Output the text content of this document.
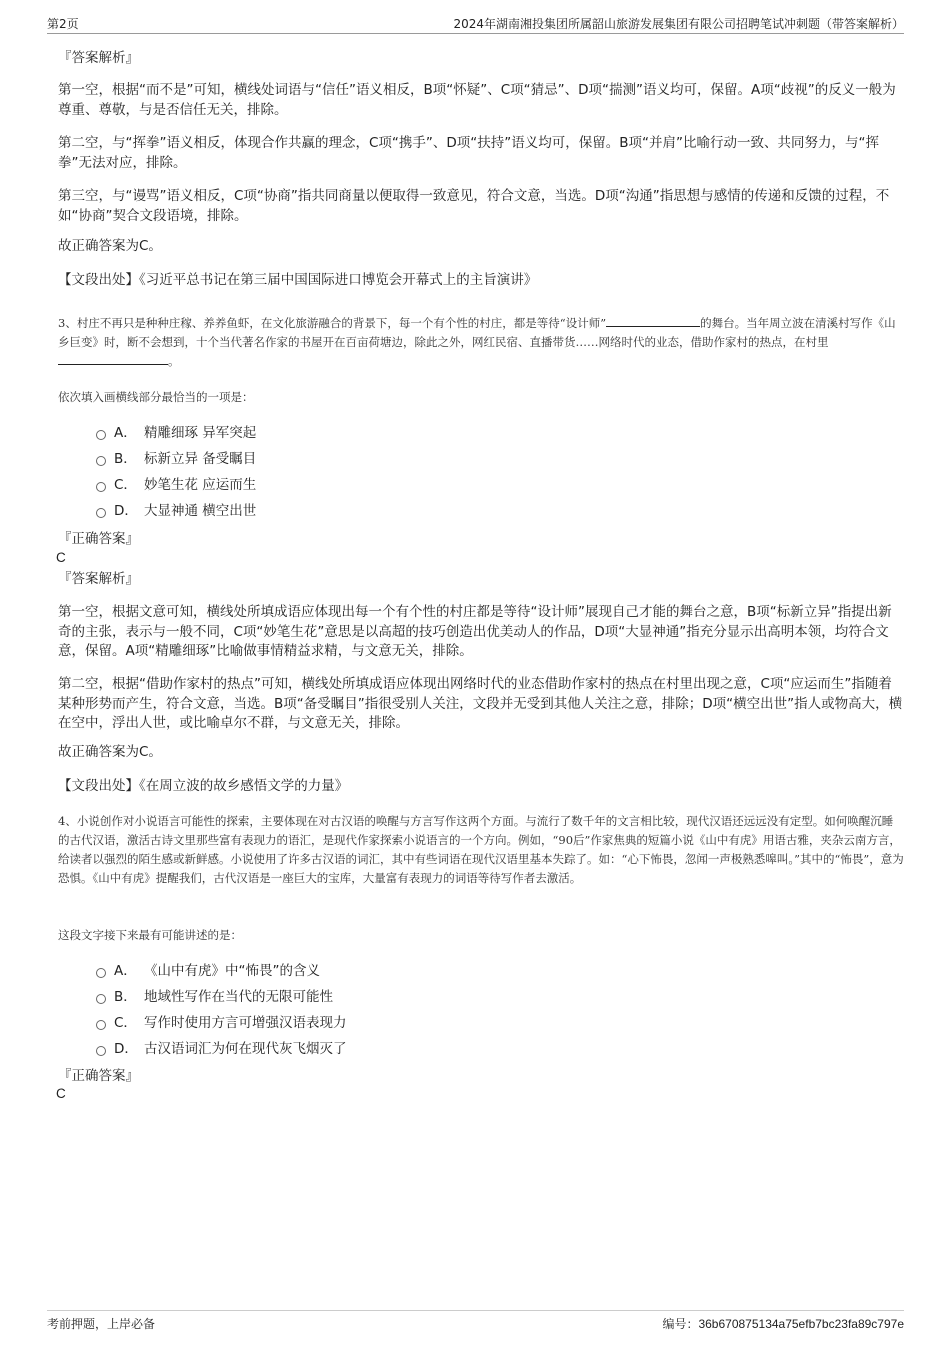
第2页	2024年湖南湘投集团所属韶山旅游发展集团有限公司招聘笔试冲刺题（带答案解析）
『答案解析』

第一空，根据“而不是”可知，横线处词语与“信任”语义相反，B项“怀疑”、C项“猜忌”、D项“揣测”语义均可，保留。A项“歧视”的反义一般为尊重、尊敬，与是否信任无关，排除。

第二空，与“挥拳”语义相反，体现合作共赢的理念，C项“携手”、D项“扶持”语义均可，保留。B项“并肩”比喻行动一致、共同努力，与“挥拳”无法对应，排除。

第三空，与“谩骂”语义相反，C项“协商”指共同商量以便取得一致意见，符合文意，当选。D项“沟通”指思想与感情的传递和反馈的过程，不如“协商”契合文段语境，排除。

故正确答案为C。
【文段出处】《习近平总书记在第三届中国国际进口博览会开幕式上的主旨演讲》
3、村庄不再只是种种庄稼、养养鱼虾，在文化旅游融合的背景下，每一个有个性的村庄，都是等待“设计师”	的舞台。当年周立波在清溪村写作《山乡巨变》时，断不会想到，十个当代著名作家的书屋开在百亩荷塘边，除此之外，网红民宿、直播带货……网络时代的业态，借助作家村的热点，在村里。
依次填入画横线部分最恰当的一项是：
A． 精雕细琢 异军突起
B． 标新立异 备受瞩目
C． 妙笔生花 应运而生
D． 大显神通 横空出世
『正确答案』
C
『答案解析』
第一空，根据文意可知，横线处所填成语应体现出每一个有个性的村庄都是等待“设计师”展现自己才能的舞台之意，B项“标新立异”指提出新奇的主张，表示与一般不同，C项“妙笔生花”意思是以高超的技巧创造出优美动人的作品，D项“大显神通”指充分显示出高明本领，均符合文意，保留。A项“精雕细琢”比喻做事情精益求精，与文意无关，排除。
第二空，根据“借助作家村的热点”可知，横线处所填成语应体现出网络时代的业态借助作家村的热点在村里出现之意，C项“应运而生”指随着某种形势而产生，符合文意，当选。B项“备受瞩目”指很受别人关注，文段并无受到其他人关注之意，排除；D项“横空出世”指人或物高大，横在空中，浮出人世，或比喻卓尔不群，与文意无关，排除。
故正确答案为C。
【文段出处】《在周立波的故乡感悟文学的力量》
4、小说创作对小说语言可能性的探索，主要体现在对古汉语的唤醒与方言写作这两个方面。与流行了数千年的文言相比较，现代汉语还远远没有定型。如何唤醒沉睡的古代汉语，激活古诗文里那些富有表现力的语汇，是现代作家探索小说语言的一个方向。例如，“90后”作家焦典的短篇小说《山中有虎》用语古雅，夹杂云南方言，给读者以强烈的陌生感或新鲜感。小说使用了许多古汉语的词汇，其中有些词语在现代汉语里基本失踪了。如：“心下怖畏，忽闻一声极熟悉嗥叫。”其中的“怖畏”，意为恐惧。《山中有虎》提醒我们，古代汉语是一座巨大的宝库，大量富有表现力的词语等待写作者去激活。
这段文字接下来最有可能讲述的是：
A． 《山中有虎》中“怖畏”的含义
B． 地域性写作在当代的无限可能性
C． 写作时使用方言可增强汉语表现力
D． 古汉语词汇为何在现代灰飞烟灭了
『正确答案』
C
考前押题，上岸必备	编号：36b670875134a75efb7bc23fa89c797e
